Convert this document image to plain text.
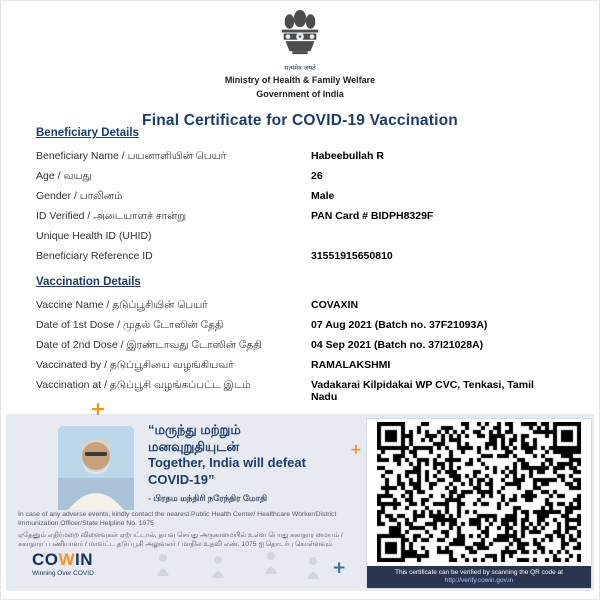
सत्यमेव जयते
Ministry of Health & Family Welfare
Government of India
Final Certificate for COVID-19 Vaccination
Beneficiary Details
Beneficiary Name / பயனாளியின் பெயர்	Habeebullah R
Age / வயது	26
Gender / பாலினம்	Male
ID Verified / அடையாளச் சான்று	PAN Card # BIDPH8329F
Unique Health ID (UHID)
Beneficiary Reference ID	31551915650810
Vaccination Details
Vaccine Name / தடுப்பூசியின் பெயர்	COVAXIN
Date of 1st Dose / முதல் டோஸின் தேதி	07 Aug 2021 (Batch no. 37F21093A)
Date of 2nd Dose / இரண்டாவது டோஸின் தேதி	04 Sep 2021 (Batch no. 37I21028A)
Vaccinated by / தடுப்பூசியை வழங்கியவர்	RAMALAKSHMI
Vaccination at / தடுப்பூசி வழங்கப்பட்ட இடம்	Vadakarai Kilpidakai WP CVC, Tenkasi, Tamil Nadu
+
+
+
“மருந்து மற்றும்
மனவுறுதியுடன்
Together, India will defeat
COVID-19”
- பிரதம மந்திரி நரேந்திர மோதி
In case of any adverse events, kindly contact the nearest Public Health Center/ Healthcare Worker/District Immunization Officer/State Helpline No. 1075
ஏதேனும் எதிர்மறை விளைவுகள் ஏற்பட்டால், தயவு செய்து அருகாமையில் உள்ள பொது சுகாதார மையம் / சுகாதாரப் பணியாளர் / மாவட்ட தடுப்பூசி அலுவலர் / மாநில உதவி எண். 1075 ஐ தொடர்பு கொள்ளவும்
COWIN
Winning Over COVID	This certificate can be verified by scanning the QR code at http://verify.cowin.gov.in
